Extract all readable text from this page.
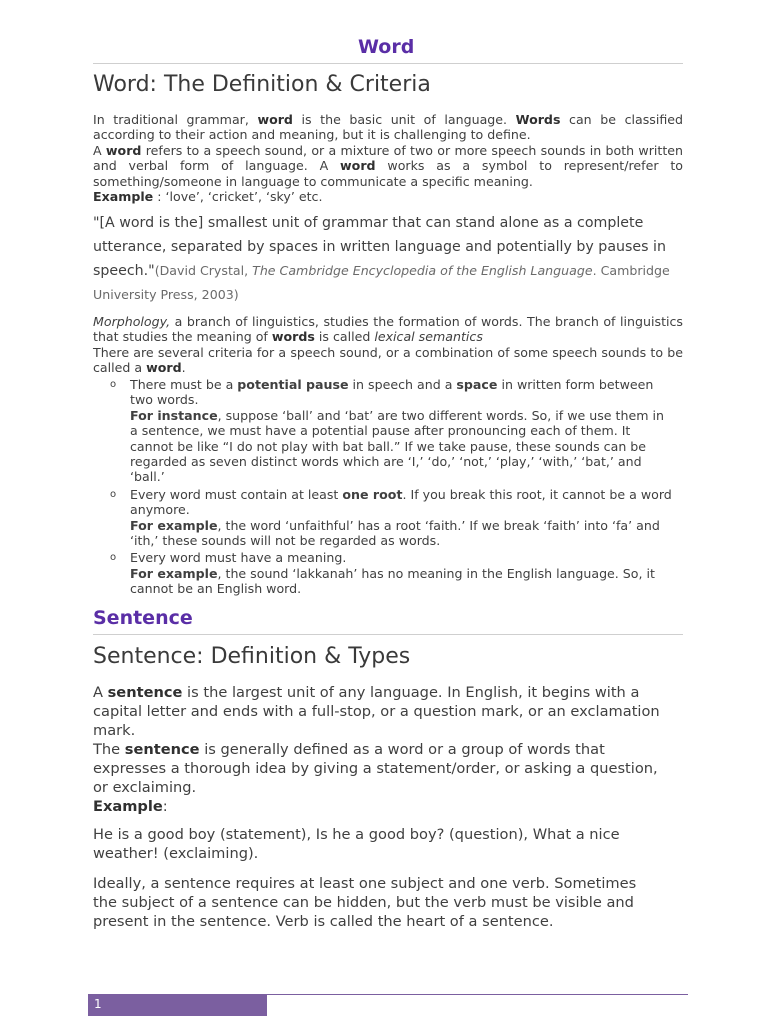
Word
Word: The Definition & Criteria

In traditional grammar, word is the basic unit of language. Words can be classified according to their action and meaning, but it is challenging to define.

A word refers to a speech sound, or a mixture of two or more speech sounds in both written and verbal form of language. A word works as a symbol to represent/refer to something/someone in language to communicate a specific meaning.

Example : ‘love’, ‘cricket’, ‘sky’ etc.

"[A word is the] smallest unit of grammar that can stand alone as a complete utterance, separated by spaces in written language and potentially by pauses in speech."(David Crystal, The Cambridge Encyclopedia of the English Language. Cambridge University Press, 2003)

Morphology, a branch of linguistics, studies the formation of words. The branch of linguistics that studies the meaning of words is called lexical semantics

There are several criteria for a speech sound, or a combination of some speech sounds to be called a word.

o There must be a potential pause in speech and a space in written form between two words.
For instance, suppose ‘ball’ and ‘bat’ are two different words. So, if we use them in a sentence, we must have a potential pause after pronouncing each of them. It cannot be like “I do not play with bat ball.” If we take pause, these sounds can be regarded as seven distinct words which are ‘I,’ ‘do,’ ‘not,’ ‘play,’ ‘with,’ ‘bat,’ and ‘ball.’
o Every word must contain at least one root. If you break this root, it cannot be a word anymore.
For example, the word ‘unfaithful’ has a root ‘faith.’ If we break ‘faith’ into ‘fa’ and ‘ith,’ these sounds will not be regarded as words.
o Every word must have a meaning.
For example, the sound ‘lakkanah’ has no meaning in the English language. So, it cannot be an English word.
Sentence
Sentence: Definition & Types

A sentence is the largest unit of any language. In English, it begins with a capital letter and ends with a full-stop, or a question mark, or an exclamation mark.

The sentence is generally defined as a word or a group of words that expresses a thorough idea by giving a statement/order, or asking a question, or exclaiming.

Example:

He is a good boy (statement), Is he a good boy? (question), What a nice weather! (exclaiming).

Ideally, a sentence requires at least one subject and one verb. Sometimes the subject of a sentence can be hidden, but the verb must be visible and present in the sentence. Verb is called the heart of a sentence.

1
